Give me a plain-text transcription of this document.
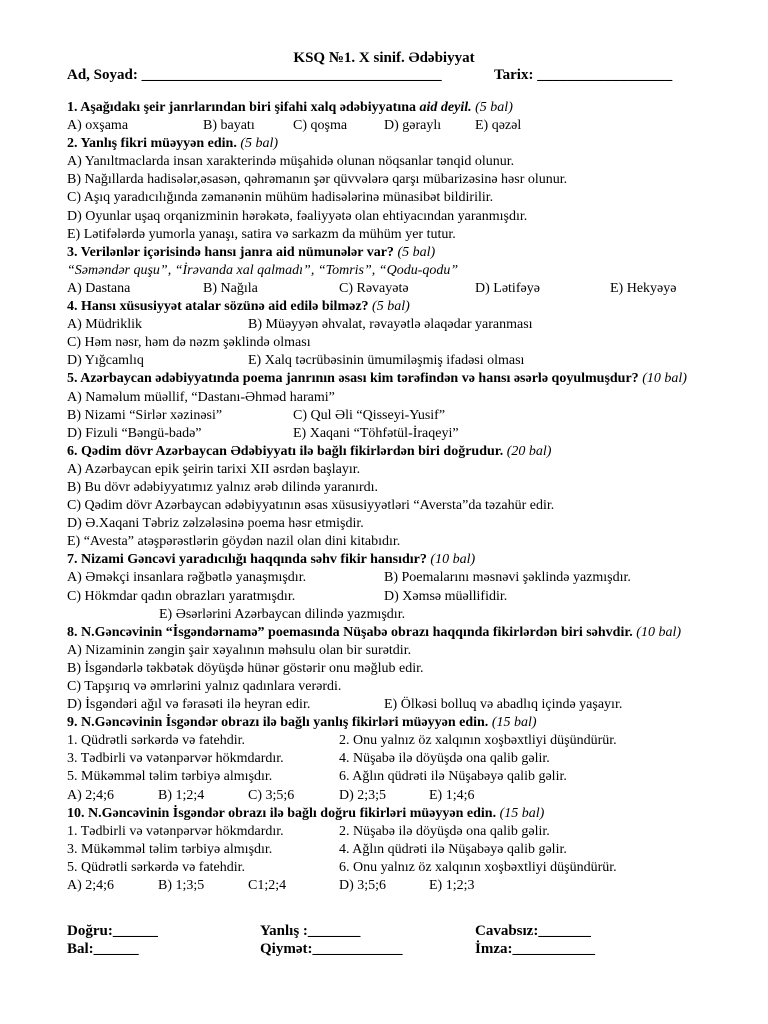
KSQ №1. X sinif. Ədəbiyyat
Ad, Soyad: ________________________________________	Tarix: __________________
1. Aşağıdakı şeir janrlarından biri şifahi xalq ədəbiyyatına aid deyil. (5 bal)
A) oxşama	B) bayatı	C) qoşma	D) gəraylı E) qəzəl
2. Yanlış fikri müəyyən edin. (5 bal)
A) Yanıltmaclarda insan xarakterində müşahidə olunan nöqsanlar tənqid olunur.
B) Nağıllarda hadisələr,əsasən, qəhrəmanın şər qüvvələrə qarşı mübarizəsinə həsr olunur.
C) Aşıq yaradıcılığında zəmanənin mühüm hadisələrinə münasibət bildirilir.
D) Oyunlar uşaq orqanizminin hərəkətə, fəaliyyətə olan ehtiyacından yaranmışdır.
E) Lətifələrdə yumorla yanaşı, satira və sarkazm da mühüm yer tutur.
3. Verilənlər içərisində hansı janra aid nümunələr var? (5 bal)
“Səməndər quşu”, “İrəvanda xal qalmadı”, “Tomris”, “Qodu-qodu”
A) Dastana	B) Nağıla	C) Rəvayətə	D) Lətifəyə	E) Hekyəyə
4. Hansı xüsusiyyət atalar sözünə aid edilə bilməz? (5 bal)
A) Müdriklik	B) Müəyyən əhvalat, rəvayətlə əlaqədar yaranması
C) Həm nəsr, həm də nəzm şəklində olması
D) Yığcamlıq	E) Xalq təcrübəsinin ümumiləşmiş ifadəsi olması
5. Azərbaycan ədəbiyyatında poema janrının əsası kim tərəfindən və hansı əsərlə qoyulmuşdur? (10 bal)
A) Naməlum müəllif, “Dastanı-Əhməd harami”
B) Nizami “Sirlər xəzinəsi”	C) Qul Əli “Qisseyi-Yusif”
D) Fizuli “Bəngü-badə”	E) Xaqani “Töhfətül-İraqeyi”
6. Qədim dövr Azərbaycan Ədəbiyyatı ilə bağlı fikirlərdən biri doğrudur. (20 bal)
A) Azərbaycan epik şeirin tarixi XII əsrdən başlayır.
B) Bu dövr ədəbiyyatımız yalnız ərəb dilində yaranırdı.
C) Qədim dövr Azərbaycan ədəbiyyatının əsas xüsusiyyətləri “Aversta”da təzahür edir.
D) Ə.Xaqani Təbriz zəlzələsinə poema həsr etmişdir.
E) “Avesta” atəşpərəstlərin göydən nazil olan dini kitabıdır.
7. Nizami Gəncəvi yaradıcılığı haqqında səhv fikir hansıdır? (10 bal)
A) Əməkçi insanlara rəğbətlə yanaşmışdır.	B) Poemalarını məsnəvi şəklində yazmışdır.
C) Hökmdar qadın obrazları yaratmışdır.	D) Xəmsə müəllifidir.
E) Əsərlərini Azərbaycan dilində yazmışdır.
8. N.Gəncəvinin “İsgəndərnamə” poemasında Nüşabə obrazı haqqında fikirlərdən biri səhvdir. (10 bal)
A) Nizaminin zəngin şair xəyalının məhsulu olan bir surətdir.
B) İsgəndərlə təkbətək döyüşdə hünər göstərir onu məğlub edir.
C) Tapşırıq və əmrlərini yalnız qadınlara verərdi.
D) İsgəndəri ağıl və fərasəti ilə heyran edir.	E) Ölkəsi bolluq və abadlıq içində yaşayır.
9. N.Gəncəvinin İsgəndər obrazı ilə bağlı yanlış fikirləri müəyyən edin. (15 bal)
1. Qüdrətli sərkərdə və fatehdir.	2. Onu yalnız öz xalqının xoşbəxtliyi düşündürür.
3. Tədbirli və vətənpərvər hökmdardır.	4. Nüşabə ilə döyüşdə ona qalib gəlir.
5. Mükəmməl təlim tərbiyə almışdır.	6. Ağlın qüdrəti ilə Nüşabəyə qalib gəlir.
A) 2;4;6	B) 1;2;4	C) 3;5;6	D) 2;3;5	E) 1;4;6
10. N.Gəncəvinin İsgəndər obrazı ilə bağlı doğru fikirləri müəyyən edin. (15 bal)
1. Tədbirli və vətənpərvər hökmdardır.	2. Nüşabə ilə döyüşdə ona qalib gəlir.
3. Mükəmməl təlim tərbiyə almışdır.	4. Ağlın qüdrəti ilə Nüşabəyə qalib gəlir.
5. Qüdrətli sərkərdə və fatehdir.	6. Onu yalnız öz xalqının xoşbəxtliyi düşündürür.
A) 2;4;6	B) 1;3;5	C1;2;4	D) 3;5;6	E) 1;2;3
Doğru:______	Yanlış :_______	Cavabsız:_______
Bal:______	Qiymət:____________	İmza:___________
